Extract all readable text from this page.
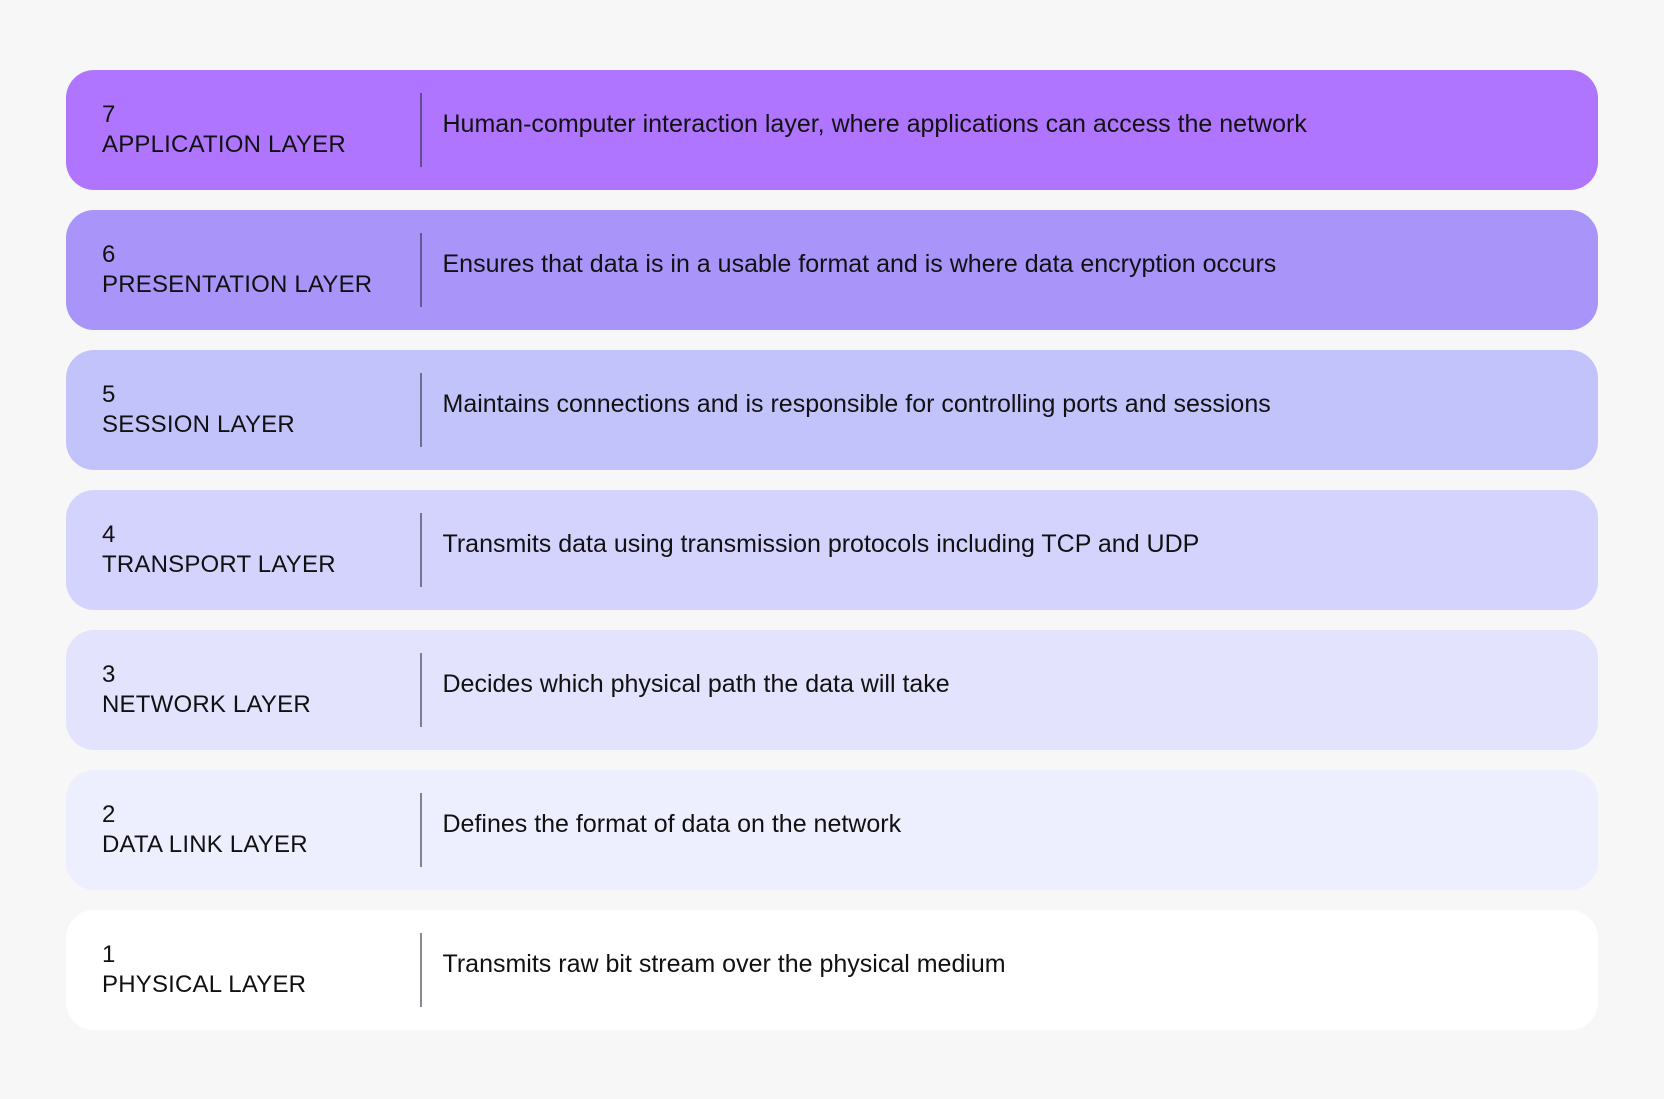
7
APPLICATION LAYER
Human-computer interaction layer, where applications can access the network
6
PRESENTATION LAYER
Ensures that data is in a usable format and is where data encryption occurs
5
SESSION LAYER
Maintains connections and is responsible for controlling ports and sessions
4
TRANSPORT LAYER
Transmits data using transmission protocols including TCP and UDP
3
NETWORK LAYER
Decides which physical path the data will take
2
DATA LINK LAYER
Defines the format of data on the network
1
PHYSICAL LAYER
Transmits raw bit stream over the physical medium
